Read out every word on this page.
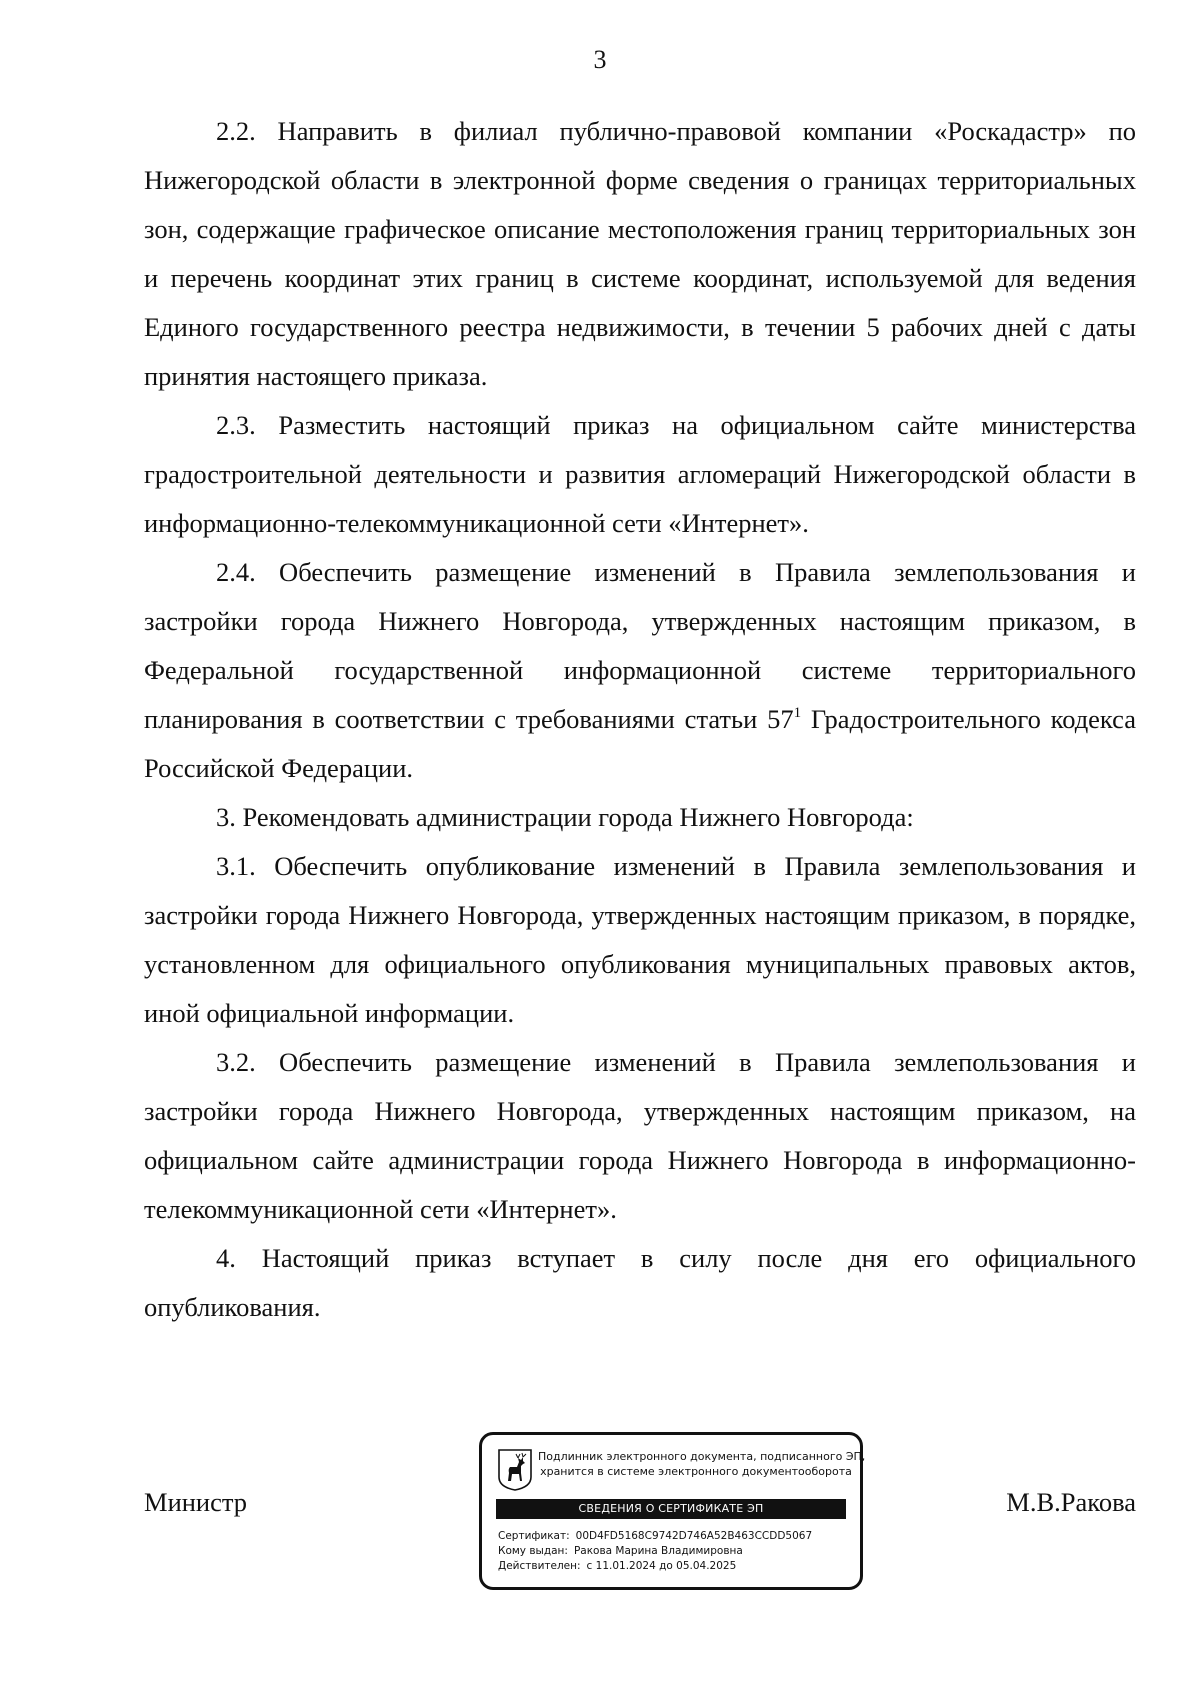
3

2.2. Направить в филиал публично-правовой компании «Роскадастр» по Нижегородской области в электронной форме сведения о границах территориальных зон, содержащие графическое описание местоположения границ территориальных зон и перечень координат этих границ в системе координат, используемой для ведения Единого государственного реестра недвижимости, в течении 5 рабочих дней с даты принятия настоящего приказа.

2.3. Разместить настоящий приказ на официальном сайте министерства градостроительной деятельности и развития агломераций Нижегородской области в информационно-телекоммуникационной сети «Интернет».

2.4. Обеспечить размещение изменений в Правила землепользования и застройки города Нижнего Новгорода, утвержденных настоящим приказом, в Федеральной государственной информационной системе территориального планирования в соответствии с требованиями статьи $57^1$ Градостроительного кодекса Российской Федерации.

3. Рекомендовать администрации города Нижнего Новгорода:

3.1. Обеспечить опубликование изменений в Правила землепользования и застройки города Нижнего Новгорода, утвержденных настоящим приказом, в порядке, установленном для официального опубликования муниципальных правовых актов, иной официальной информации.

3.2. Обеспечить размещение изменений в Правила землепользования и застройки города Нижнего Новгорода, утвержденных настоящим приказом, на официальном сайте администрации города Нижнего Новгорода в информационно-телекоммуникационной сети «Интернет».

4. Настоящий приказ вступает в силу после дня его официального опубликования.

Министр	М.В.Ракова
Подлинник электронного документа, подписанного ЭП,
хранится в системе электронного документооборота
СВЕДЕНИЯ О СЕРТИФИКАТЕ ЭП
Сертификат: 00D4FD5168C9742D746A52B463CCDD5067
Кому выдан: Ракова Марина Владимировна
Действителен: с 11.01.2024 до 05.04.2025
